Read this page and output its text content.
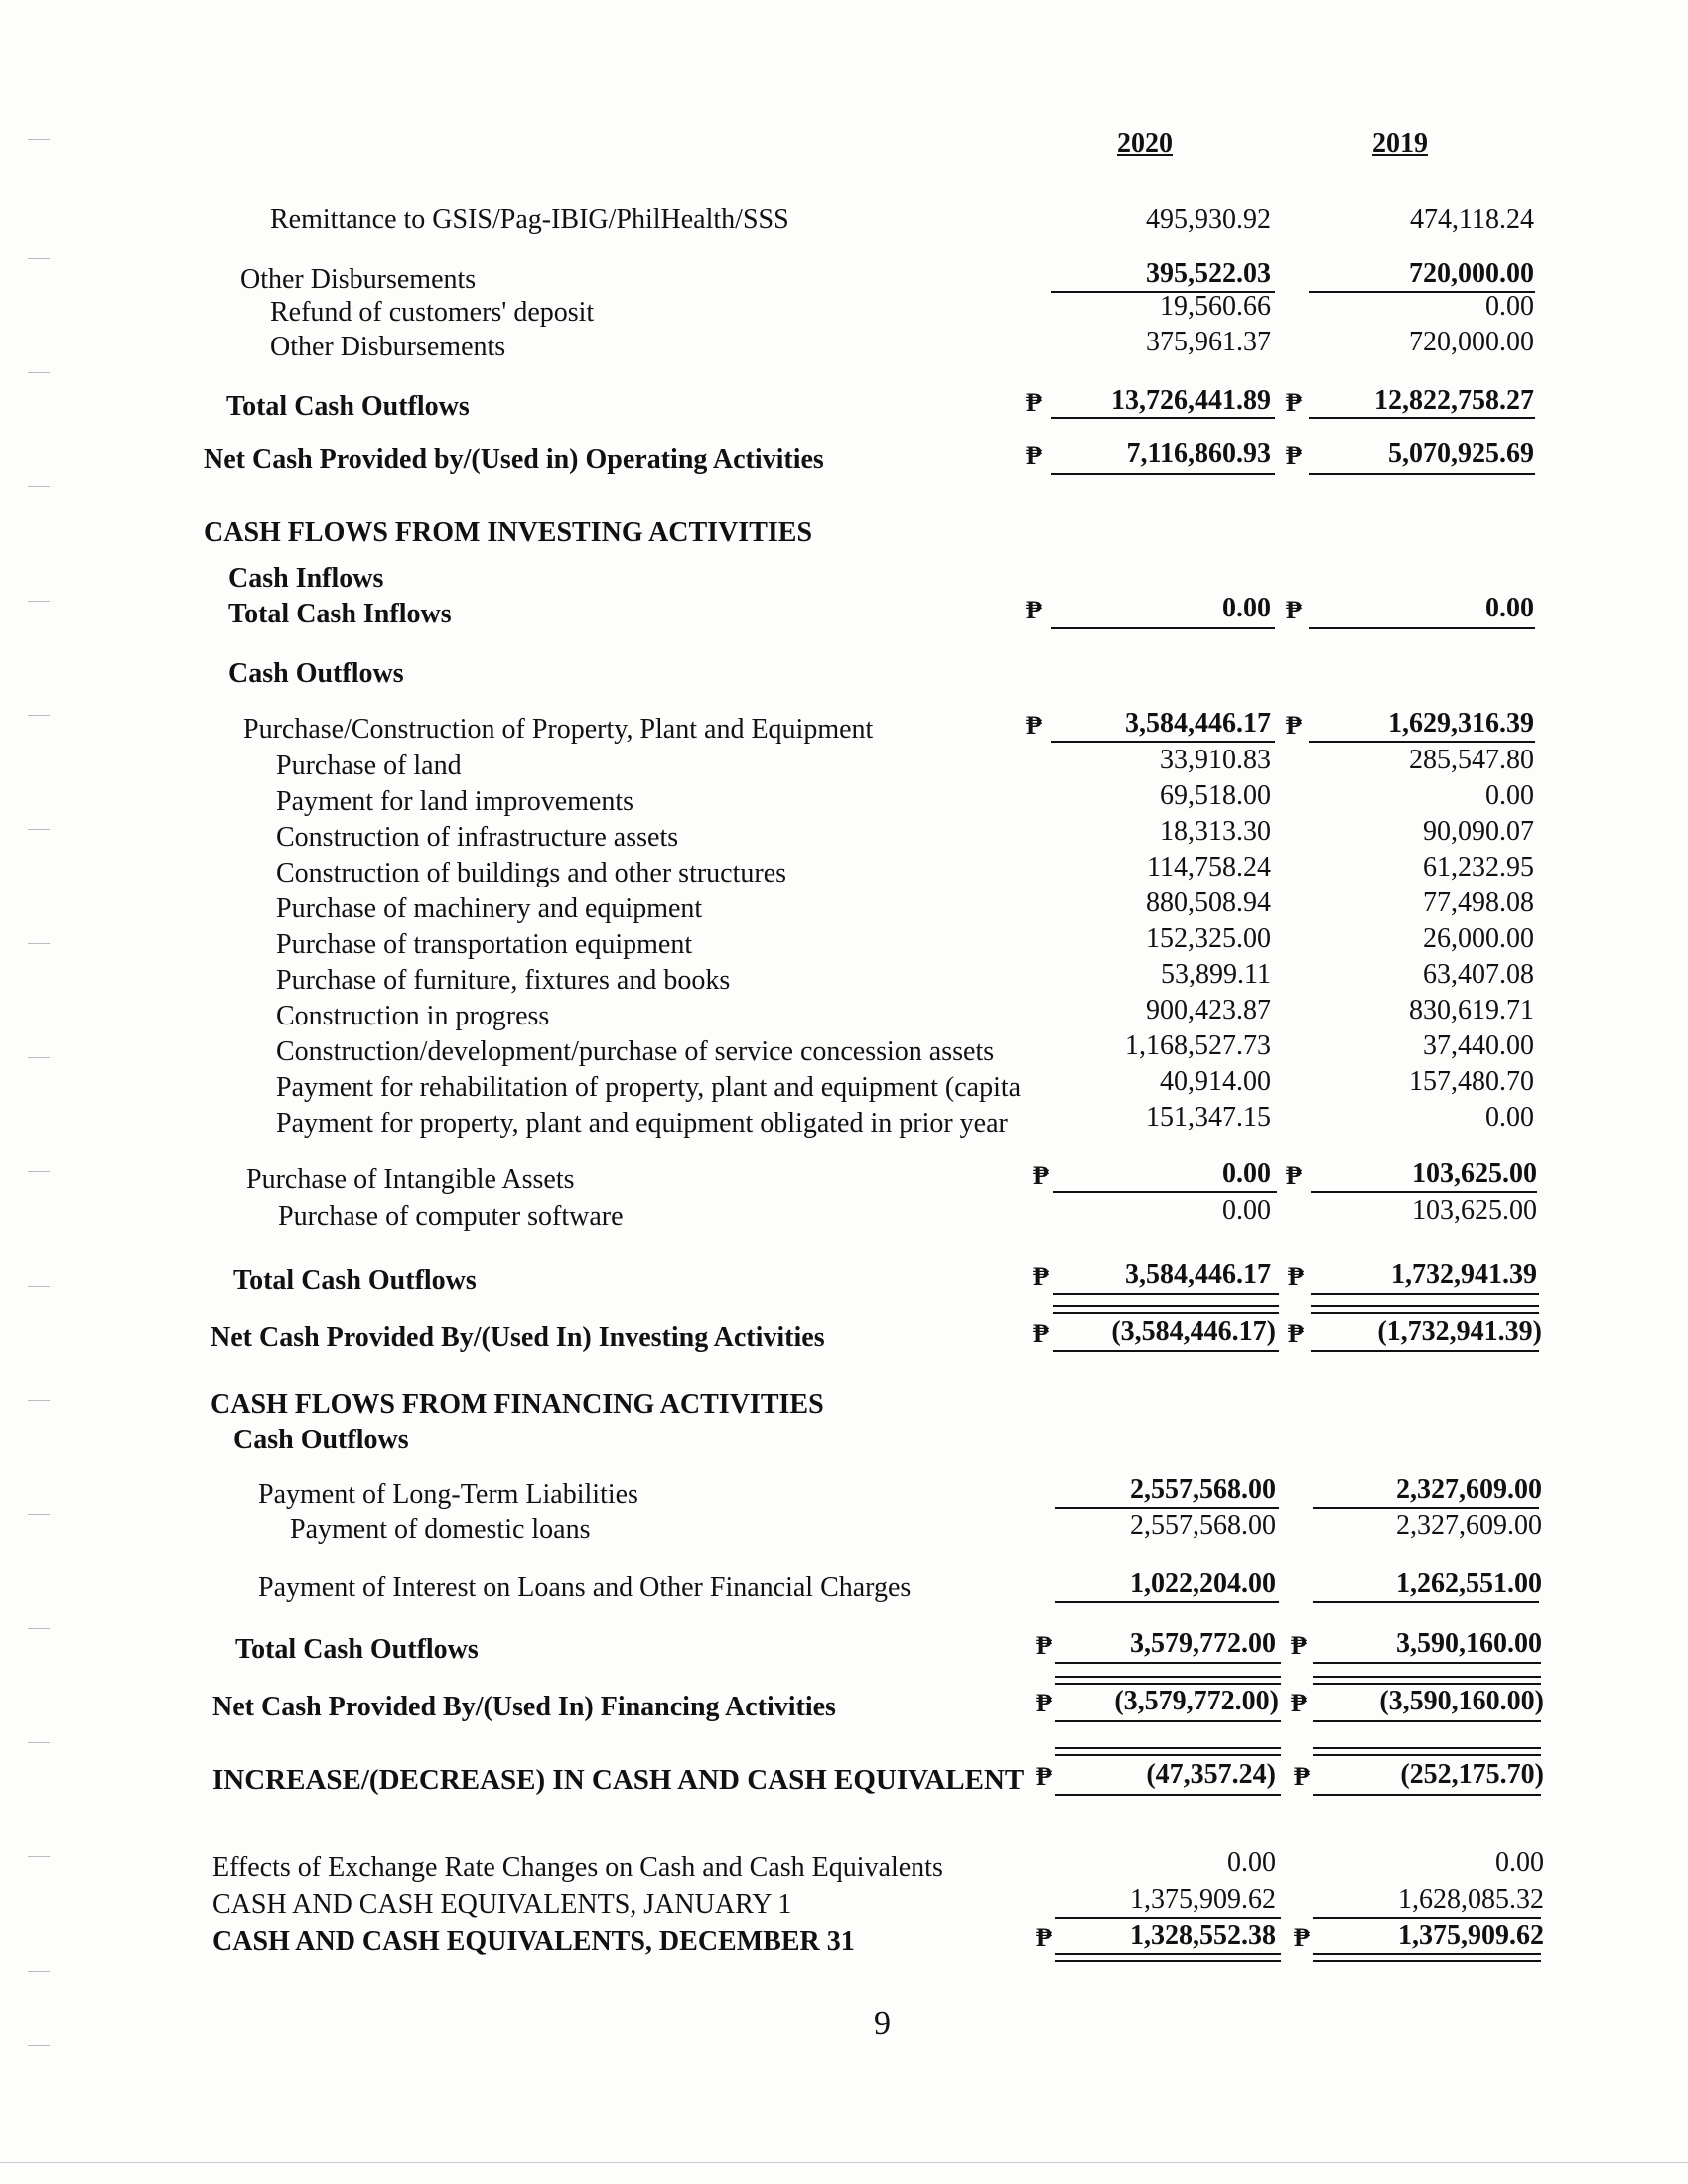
2020	2019
Remittance to GSIS/Pag-IBIG/PhilHealth/SSS	495,930.92	474,118.24
Other Disbursements	395,522.03	720,000.00
Refund of customers' deposit	19,560.66	0.00
Other Disbursements	375,961.37	720,000.00
Total Cash Outflows	₱	13,726,441.89 ₱	12,822,758.27
Net Cash Provided by/(Used in) Operating Activities	₱	7,116,860.93 ₱	5,070,925.69
CASH FLOWS FROM INVESTING ACTIVITIES
Cash Inflows
Total Cash Inflows	₱	0.00 ₱	0.00
Cash Outflows
Purchase/Construction of Property, Plant and Equipment	₱	3,584,446.17 ₱	1,629,316.39
Purchase of land	33,910.83	285,547.80
Payment for land improvements	69,518.00	0.00
Construction of infrastructure assets	18,313.30	90,090.07
Construction of buildings and other structures	114,758.24	61,232.95
Purchase of machinery and equipment	880,508.94	77,498.08
Purchase of transportation equipment	152,325.00	26,000.00
Purchase of furniture, fixtures and books	53,899.11	63,407.08
Construction in progress	900,423.87	830,619.71
Construction/development/purchase of service concession assets	1,168,527.73	37,440.00
Payment for rehabilitation of property, plant and equipment (capita	40,914.00	157,480.70
Payment for property, plant and equipment obligated in prior year	151,347.15	0.00
Purchase of Intangible Assets	₱	0.00 ₱	103,625.00
Purchase of computer software	0.00	103,625.00
Total Cash Outflows	₱	3,584,446.17 ₱	1,732,941.39
Net Cash Provided By/(Used In) Investing Activities	₱	(3,584,446.17) ₱	(1,732,941.39)
CASH FLOWS FROM FINANCING ACTIVITIES
Cash Outflows
Payment of Long-Term Liabilities	2,557,568.00	2,327,609.00
Payment of domestic loans	2,557,568.00	2,327,609.00
Payment of Interest on Loans and Other Financial Charges	1,022,204.00	1,262,551.00
Total Cash Outflows	₱	3,579,772.00 ₱	3,590,160.00
Net Cash Provided By/(Used In) Financing Activities	₱	(3,579,772.00) ₱	(3,590,160.00)
INCREASE/(DECREASE) IN CASH AND CASH EQUIVALENT ₱	(47,357.24) ₱	(252,175.70)
Effects of Exchange Rate Changes on Cash and Cash Equivalents	0.00	0.00
CASH AND CASH EQUIVALENTS, JANUARY 1	1,375,909.62	1,628,085.32
CASH AND CASH EQUIVALENTS, DECEMBER 31	₱	1,328,552.38 ₱	1,375,909.62
9
